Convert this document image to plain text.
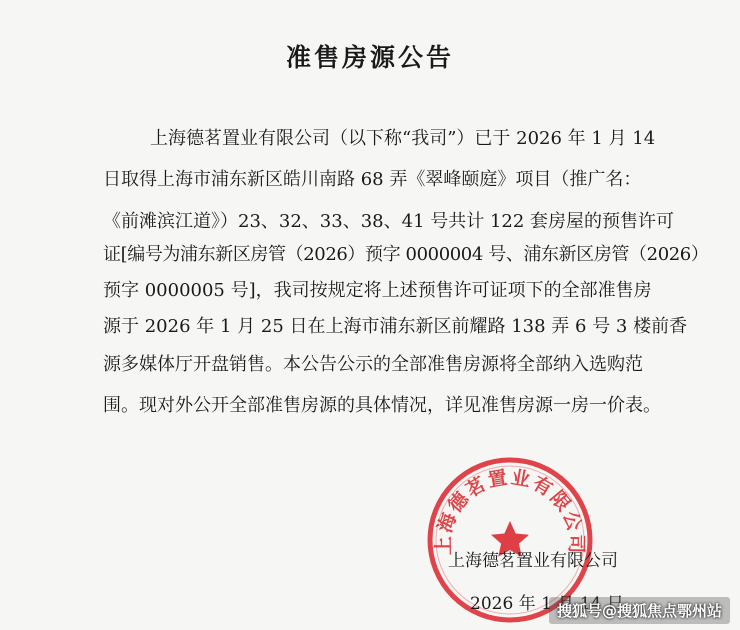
准售房源公告
上海德茗置业有限公司（以下称“我司”）已于 2026 年 1 月 14
日取得上海市浦东新区皓川南路 68 弄《翠峰颐庭》项目（推广名：
《前滩滨江道》）23、32、33、38、41 号共计 122 套房屋的预售许可
证[编号为浦东新区房管（2026）预字 0000004 号、浦东新区房管（2026）
预字 0000005 号]，我司按规定将上述预售许可证项下的全部准售房
源于 2026 年 1 月 25 日在上海市浦东新区前耀路 138 弄 6 号 3 楼前香
源多媒体厅开盘销售。本公告公示的全部准售房源将全部纳入选购范
围。现对外公开全部准售房源的具体情况，详见准售房源一房一价表。
上海德茗置业有限公司
上海德茗置业有限公司
2026 年 1 月 14 日
搜狐号@搜狐焦点鄂州站
